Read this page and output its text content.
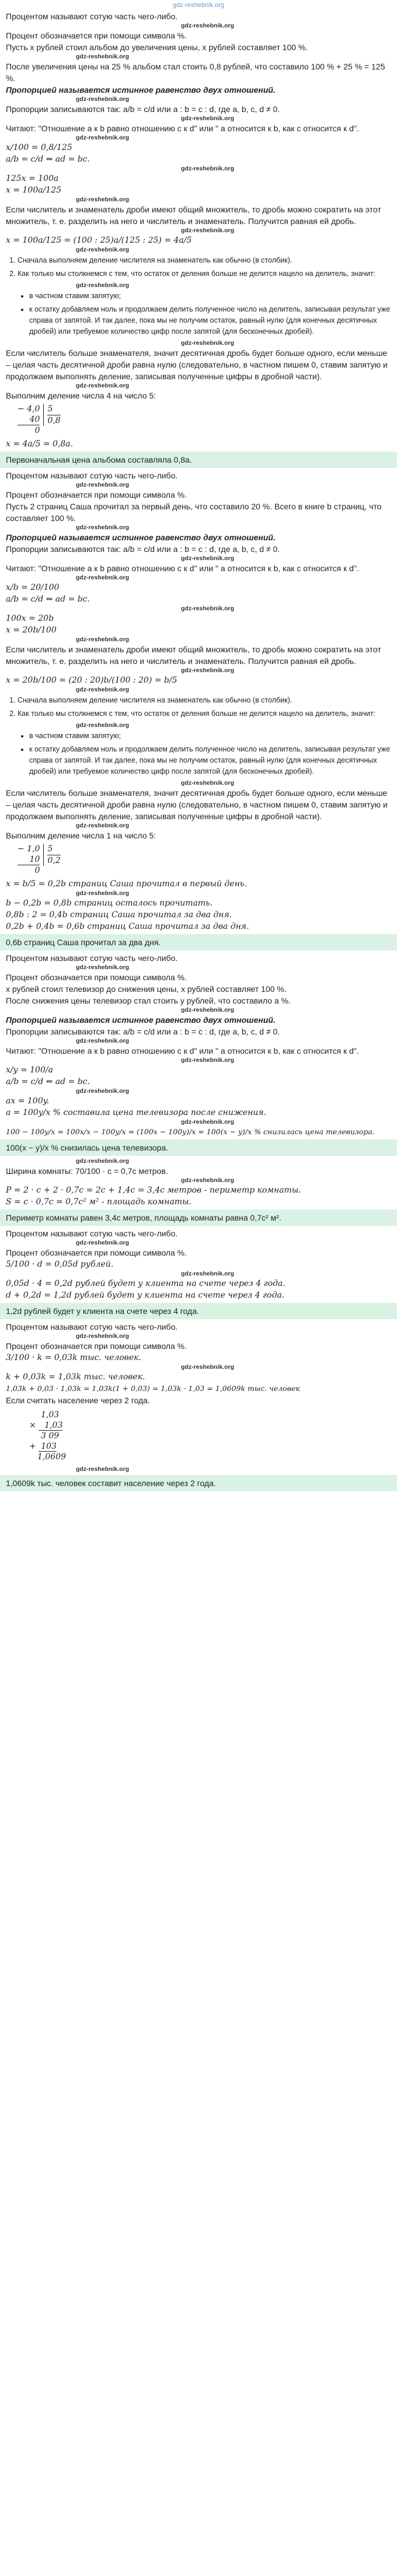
gdz-reshebnik.org

Процентом называют сотую часть чего-либо.

gdz-reshebnik.org

Процент обозначается при помощи символа %.

Пусть x рублей стоил альбом до увеличения цены, x рублей составляет 100 %.

gdz-reshebnik.org

После увеличения цены на 25 % альбом стал стоить 0,8 рублей, что составило 100 % + 25 % = 125 %.

Пропорцией называется истинное равенство двух отношений.

gdz-reshebnik.org

Пропорции записываются так: a/b = c/d или a : b = c : d, где a, b, c, d ≠ 0.

gdz-reshebnik.org

Читают: "Отношение a к b равно отношению c к d" или " a относится к b, как c относится к d".

gdz-reshebnik.org

x/100 = 0,8/125

a/b = c/d ⇔ ad = bc.

gdz-reshebnik.org

125x = 100a

x = 100a/125

gdz-reshebnik.org

Если числитель и знаменатель дроби имеют общий множитель, то дробь можно сократить на этот множитель, т. е. разделить на него и числитель и знаменатель. Получится равная ей дробь.

gdz-reshebnik.org

x = 100a/125 = (100 : 25)a/(125 : 25) = 4a/5

gdz-reshebnik.org
1. Сначала выполняем деление числителя на знаменатель как обычно (в столбик).
2. Как только мы столкнемся с тем, что остаток от деления больше не делится нацело на делитель, значит:
gdz-reshebnik.org
• в частном ставим запятую;
• к остатку добавляем ноль и продолжаем делить полученное число на делитель, записывая результат уже справа от запятой. И так далее, пока мы не получим остаток, равный нулю (для конечных десятичных дробей) или требуемое количество цифр после запятой (для бесконечных дробей).
gdz-reshebnik.org

Если числитель больше знаменателя, значит десятичная дробь будет больше одного, если меньше – целая часть десятичной дроби равна нулю (следовательно, в частном пишем 0, ставим запятую и продолжаем выполнять деление, записывая полученные цифры в дробной части).

gdz-reshebnik.org

Выполним деление числа 4 на число 5:

− 4,0
40
0
5
0,8

x = 4a/5 = 0,8a.

Первоначальная цена альбома составляла 0,8a.

Процентом называют сотую часть чего-либо.

gdz-reshebnik.org

Процент обозначается при помощи символа %.

Пусть 2 страниц Саша прочитал за первый день, что составило 20 %. Всего в книге b страниц, что составляет 100 %.

gdz-reshebnik.org

Пропорцией называется истинное равенство двух отношений.

Пропорции записываются так: a/b = c/d или a : b = c : d, где a, b, c, d ≠ 0.

gdz-reshebnik.org

Читают: "Отношение a к b равно отношению c к d" или " a относится к b, как c относится к d".

gdz-reshebnik.org

x/b = 20/100

a/b = c/d ⇔ ad = bc.

gdz-reshebnik.org

100x = 20b

x = 20b/100

gdz-reshebnik.org

Если числитель и знаменатель дроби имеют общий множитель, то дробь можно сократить на этот множитель, т. е. разделить на него и числитель и знаменатель. Получится равная ей дробь.

gdz-reshebnik.org

x = 20b/100 = (20 : 20)b/(100 : 20) = b/5

gdz-reshebnik.org
1. Сначала выполняем деление числителя на знаменатель как обычно (в столбик).
2. Как только мы столкнемся с тем, что остаток от деления больше не делится нацело на делитель, значит:
gdz-reshebnik.org
• в частном ставим запятую;
• к остатку добавляем ноль и продолжаем делить полученное число на делитель, записывая результат уже справа от запятой. И так далее, пока мы не получим остаток, равный нулю (для конечных десятичных дробей) или требуемое количество цифр после запятой (для бесконечных дробей).
gdz-reshebnik.org

Если числитель больше знаменателя, значит десятичная дробь будет больше одного, если меньше – целая часть десятичной дроби равна нулю (следовательно, в частном пишем 0, ставим запятую и продолжаем выполнять деление, записывая полученные цифры в дробной части).

gdz-reshebnik.org

Выполним деление числа 1 на число 5:

− 1,0
10
0
5
0,2

x = b/5 = 0,2b страниц Саша прочитал в первый день.

gdz-reshebnik.org

b − 0,2b = 0,8b страниц осталось прочитать.

0,8b : 2 = 0,4b страниц Саша прочитал за два дня.

0,2b + 0,4b = 0,6b страниц Саша прочитал за два дня.

0,6b страниц Саша прочитал за два дня.

Процентом называют сотую часть чего-либо.

gdz-reshebnik.org

Процент обозначается при помощи символа %.

x рублей стоил телевизор до снижения цены, x рублей составляет 100 %.

После снижения цены телевизор стал стоить y рублей, что составило a %.

gdz-reshebnik.org

Пропорцией называется истинное равенство двух отношений.

Пропорции записываются так: a/b = c/d или a : b = c : d, где a, b, c, d ≠ 0.

gdz-reshebnik.org

Читают: "Отношение a к b равно отношению c к d" или " a относится к b, как c относится к d".

gdz-reshebnik.org

x/y = 100/a

a/b = c/d ⇔ ad = bc.

gdz-reshebnik.org

ax = 100y.

a = 100y/x % составила цена телевизора после снижения.

gdz-reshebnik.org

100 − 100y/x = 100x/x − 100y/x = (100x − 100y)/x = 100(x − y)/x % снизилась цена телевизора.

100(x − y)/x % снизилась цена телевизора.
gdz-reshebnik.org

Ширина комнаты: 70/100 · c = 0,7c метров.

gdz-reshebnik.org

P = 2 · c + 2 · 0,7c = 2c + 1,4c = 3,4c метров - периметр комнаты.

S = c · 0,7c = 0,7c² м² - площадь комнаты.

Периметр комнаты равен 3,4c метров, площадь комнаты равна 0,7c² м².

Процентом называют сотую часть чего-либо.

gdz-reshebnik.org

Процент обозначается при помощи символа %.

5/100 · d = 0,05d рублей.

gdz-reshebnik.org

0,05d · 4 = 0,2d рублей будет у клиента на счете через 4 года.

d + 0,2d = 1,2d рублей будет у клиента на счете через 4 года.

1,2d рублей будет у клиента на счете через 4 года.

Процентом называют сотую часть чего-либо.

gdz-reshebnik.org

Процент обозначается при помощи символа %.

3/100 · k = 0,03k тыс. человек.

gdz-reshebnik.org

k + 0,03k = 1,03k тыс. человек.

1,03k + 0,03 · 1,03k = 1,03k(1 + 0,03) = 1,03k · 1,03 = 1,0609k тыс. человек

Если считать население через 2 года.

1,03
× 1,03
3 09
+ 103
1,0609
gdz-reshebnik.org
1,0609k тыс. человек составит население через 2 года.
